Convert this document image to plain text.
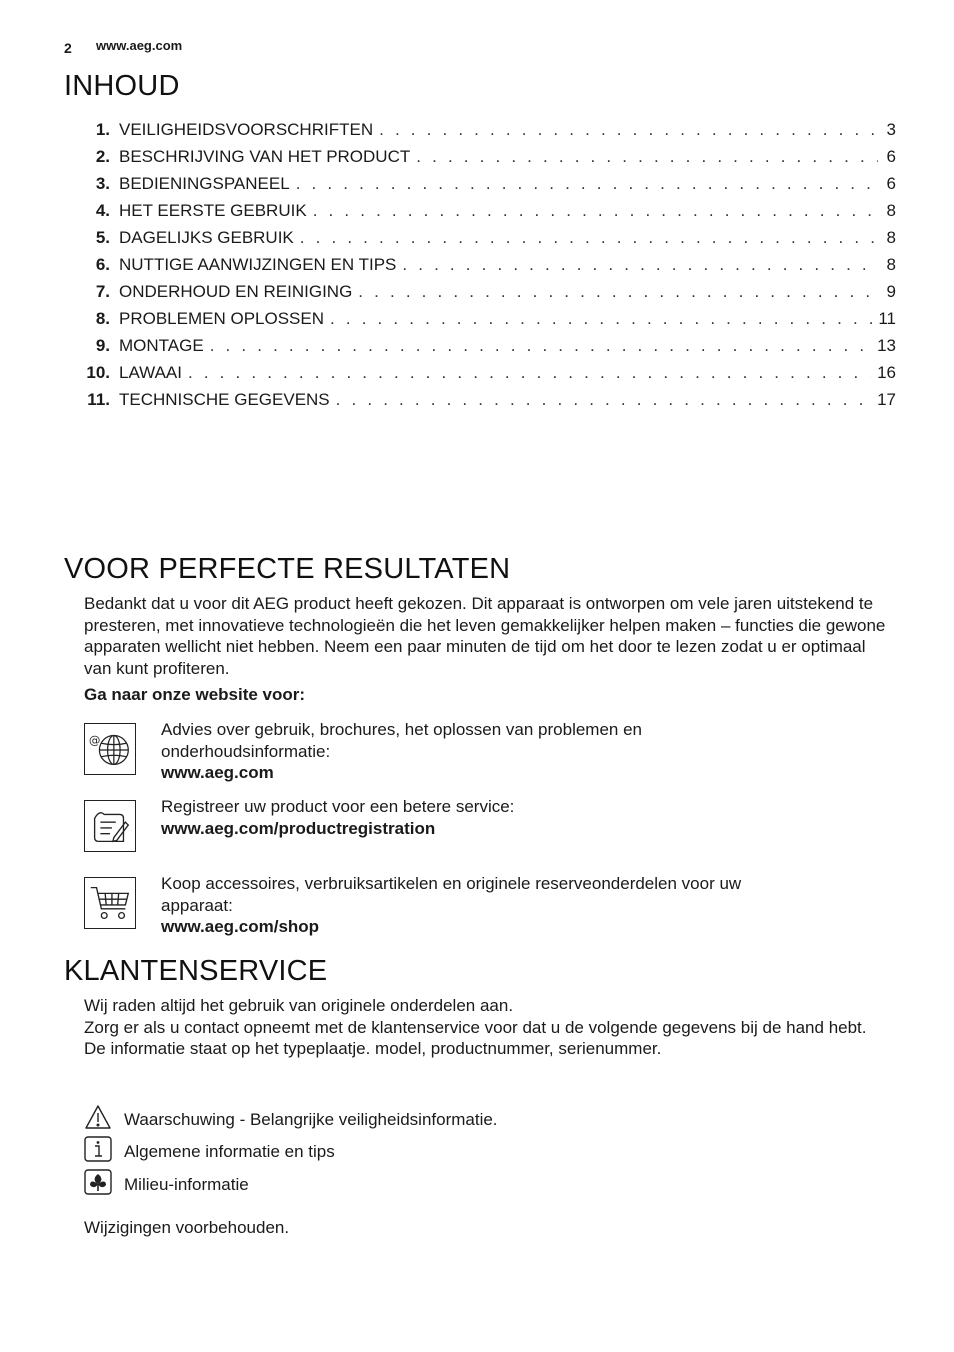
2 www.aeg.com
INHOUD
1. VEILIGHEIDSVOORSCHRIFTEN . . .	3
2. BESCHRIJVING VAN HET PRODUCT . . .	6
3. BEDIENINGSPANEEL . . .	6
4. HET EERSTE GEBRUIK . . .	8
5. DAGELIJKS GEBRUIK . . .	8
6. NUTTIGE AANWIJZINGEN EN TIPS . . .	8
7. ONDERHOUD EN REINIGING . . .	9
8. PROBLEMEN OPLOSSEN . . .	11
9. MONTAGE . . .	13
10. LAWAAI . . .	16
11. TECHNISCHE GEGEVENS . . .	17
VOOR PERFECTE RESULTATEN
Bedankt dat u voor dit AEG product heeft gekozen. Dit apparaat is ontworpen om vele jaren uitstekend te presteren, met innovatieve technologieën die het leven gemakkelijker helpen maken – functies die gewone apparaten wellicht niet hebben. Neem een paar minuten de tijd om het door te lezen zodat u er optimaal van kunt profiteren.
Ga naar onze website voor:
@
Advies over gebruik, brochures, het oplossen van problemen en onderhoudsinformatie:
www.aeg.com
Registreer uw product voor een betere service:
www.aeg.com/productregistration
Koop accessoires, verbruiksartikelen en originele reserveonderdelen voor uw apparaat:
www.aeg.com/shop
KLANTENSERVICE
Wij raden altijd het gebruik van originele onderdelen aan.
Zorg er als u contact opneemt met de klantenservice voor dat u de volgende gegevens bij de hand hebt.
De informatie staat op het typeplaatje. model, productnummer, serienummer.
Waarschuwing - Belangrijke veiligheidsinformatie.
Algemene informatie en tips
Milieu-informatie
Wijzigingen voorbehouden.
